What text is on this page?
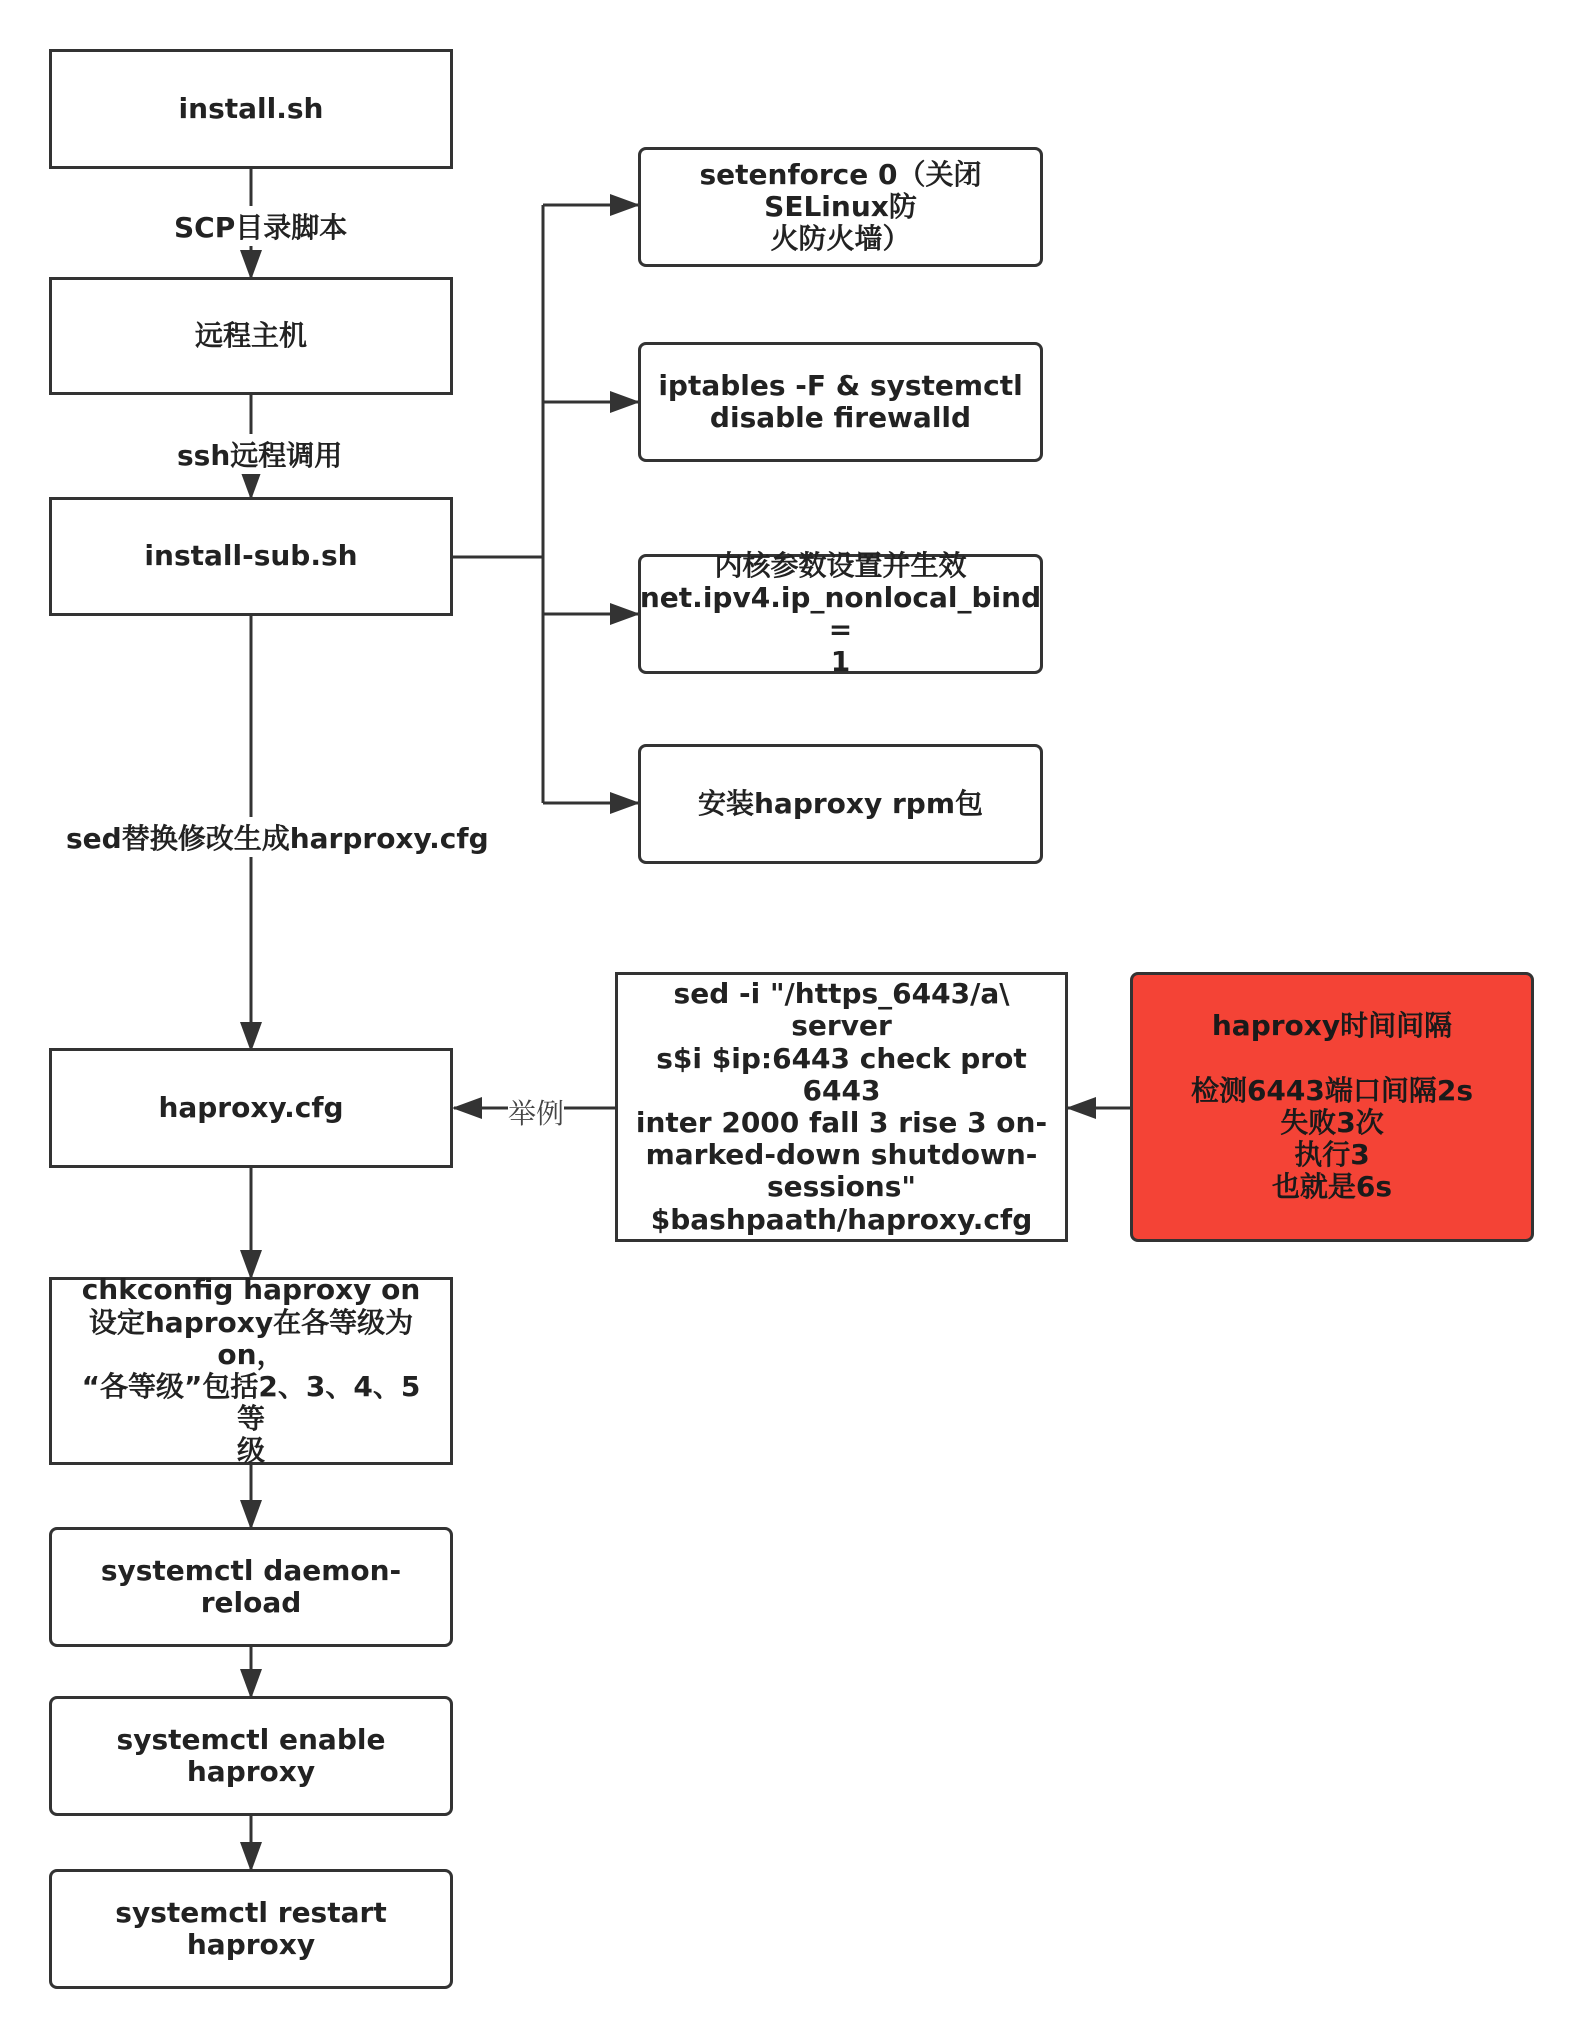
install.sh
远程主机
install-sub.sh
setenforce 0（关闭SELinux防
火防火墙）
iptables -F & systemctl
disable firewalld
内核参数设置并生效
net.ipv4.ip_nonlocal_bind =
1
安装haproxy rpm包
sed -i "/https_6443/a\ server
s$i $ip:6443 check prot 6443
inter 2000 fall 3 rise 3 on-
marked-down shutdown-
sessions"
$bashpaath/haproxy.cfg
haproxy时间间隔

检测6443端口间隔2s
失败3次
执行3
也就是6s
haproxy.cfg
chkconfig haproxy on
设定haproxy在各等级为on，
“各等级”包括2、3、4、5等
级
systemctl daemon-reload
systemctl enable haproxy
systemctl restart haproxy
SCP目录脚本
ssh远程调用
sed替换修改生成harproxy.cfg
举例
